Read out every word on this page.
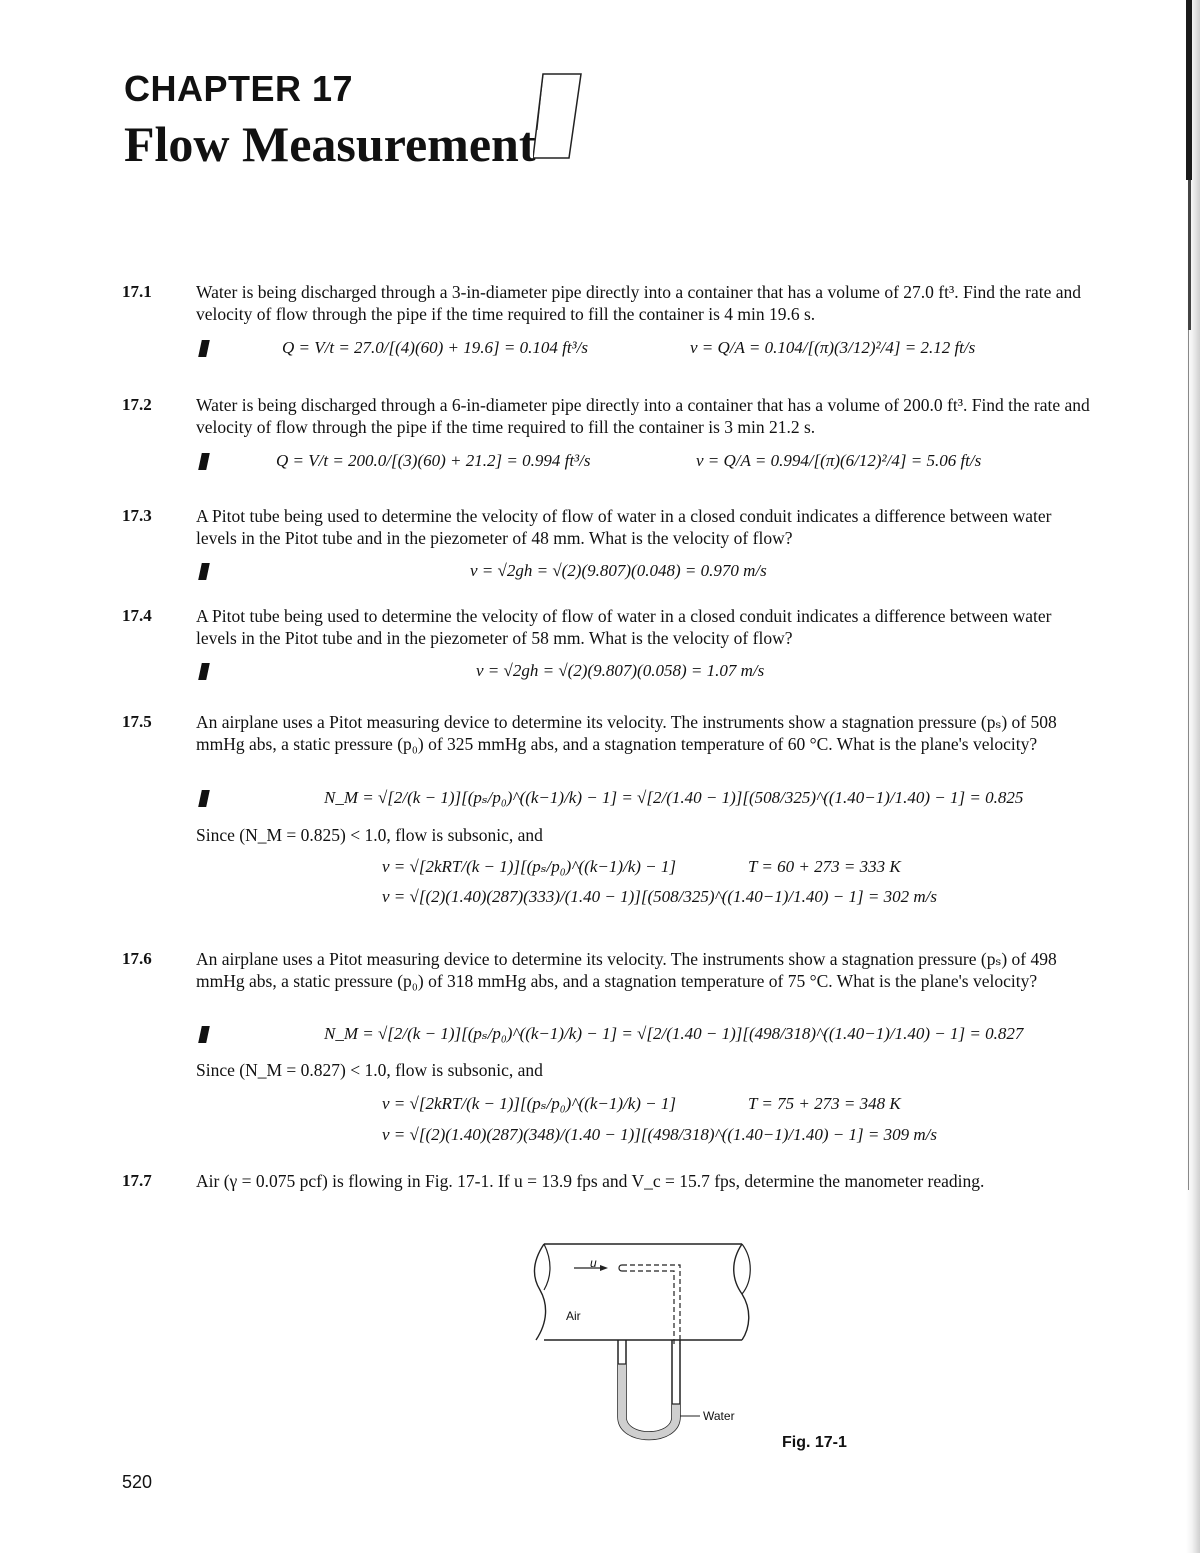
CHAPTER 17
Flow Measurement
17.1	Water is being discharged through a 3-in-diameter pipe directly into a container that has a volume of 27.0 ft³. Find the rate and velocity of flow through the pipe if the time required to fill the container is 4 min 19.6 s.
Q = V/t = 27.0/[(4)(60) + 19.6] = 0.104 ft³/s	v = Q/A = 0.104/[(π)(3/12)²/4] = 2.12 ft/s
17.2	Water is being discharged through a 6-in-diameter pipe directly into a container that has a volume of 200.0 ft³. Find the rate and velocity of flow through the pipe if the time required to fill the container is 3 min 21.2 s.
Q = V/t = 200.0/[(3)(60) + 21.2] = 0.994 ft³/s	v = Q/A = 0.994/[(π)(6/12)²/4] = 5.06 ft/s
17.3	A Pitot tube being used to determine the velocity of flow of water in a closed conduit indicates a difference between water levels in the Pitot tube and in the piezometer of 48 mm. What is the velocity of flow?
v = √2gh = √(2)(9.807)(0.048) = 0.970 m/s
17.4	A Pitot tube being used to determine the velocity of flow of water in a closed conduit indicates a difference between water levels in the Pitot tube and in the piezometer of 58 mm. What is the velocity of flow?
v = √2gh = √(2)(9.807)(0.058) = 1.07 m/s
17.5	An airplane uses a Pitot measuring device to determine its velocity. The instruments show a stagnation pressure (pₛ) of 508 mmHg abs, a static pressure (p₀) of 325 mmHg abs, and a stagnation temperature of 60 °C. What is the plane's velocity?
N_M = √[2/(k − 1)][(pₛ/p₀)^((k−1)/k) − 1] = √[2/(1.40 − 1)][(508/325)^((1.40−1)/1.40) − 1] = 0.825
Since (N_M = 0.825) < 1.0, flow is subsonic, and
v = √[2kRT/(k − 1)][(pₛ/p₀)^((k−1)/k) − 1]	T = 60 + 273 = 333 K
v = √[(2)(1.40)(287)(333)/(1.40 − 1)][(508/325)^((1.40−1)/1.40) − 1] = 302 m/s
17.6	An airplane uses a Pitot measuring device to determine its velocity. The instruments show a stagnation pressure (pₛ) of 498 mmHg abs, a static pressure (p₀) of 318 mmHg abs, and a stagnation temperature of 75 °C. What is the plane's velocity?
N_M = √[2/(k − 1)][(pₛ/p₀)^((k−1)/k) − 1] = √[2/(1.40 − 1)][(498/318)^((1.40−1)/1.40) − 1] = 0.827
Since (N_M = 0.827) < 1.0, flow is subsonic, and
v = √[2kRT/(k − 1)][(pₛ/p₀)^((k−1)/k) − 1]	T = 75 + 273 = 348 K
v = √[(2)(1.40)(287)(348)/(1.40 − 1)][(498/318)^((1.40−1)/1.40) − 1] = 309 m/s
17.7	Air (γ = 0.075 pcf) is flowing in Fig. 17-1. If u = 13.9 fps and V_c = 15.7 fps, determine the manometer reading.
u
Air
Water
Fig. 17-1
520
